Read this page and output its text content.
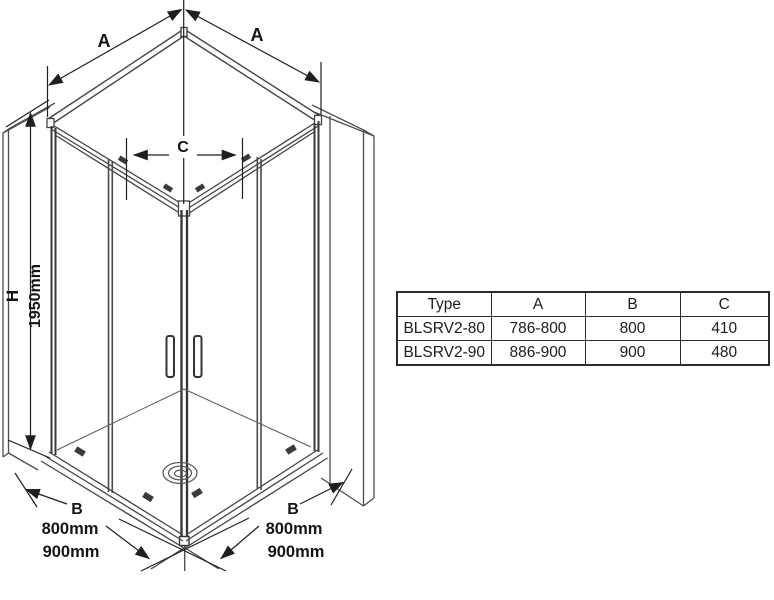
A	A
C
H 1950mm
B	B
800mm
900mm
800mm
900mm
Type	A	B	C
BLSRV2-80	786-800	800	410
BLSRV2-90	886-900	900	480
